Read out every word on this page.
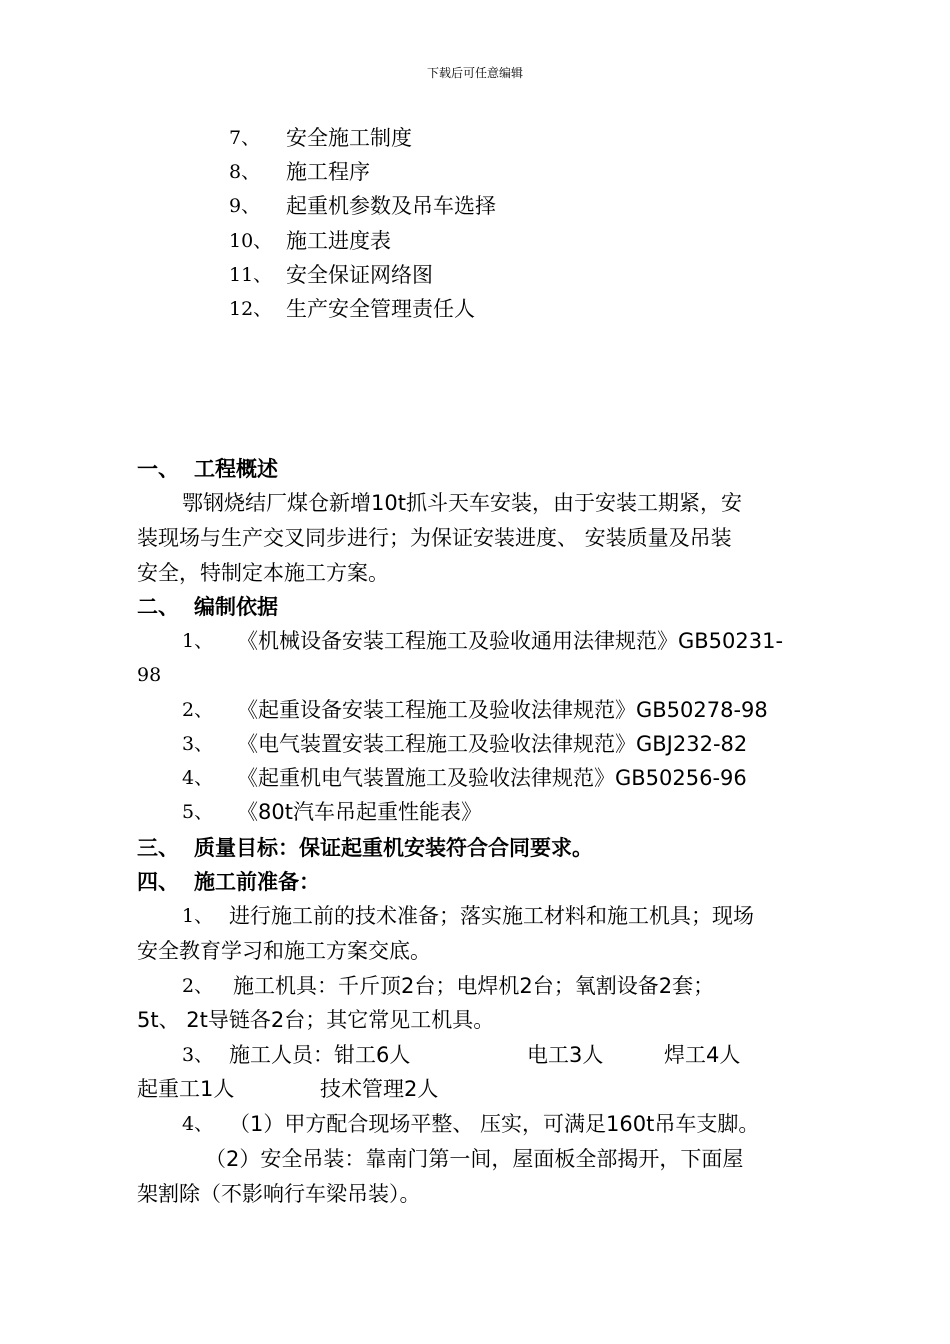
下载后可任意编辑
7、 安全施工制度
8、 施工程序
9、 起重机参数及吊车选择
10、 施工进度表
11、 安全保证网络图
12、 生产安全管理责任人
一、 工程概述
鄂钢烧结厂煤仓新增10t抓斗天车安装，由于安装工期紧，安
装现场与生产交叉同步进行；为保证安装进度、 安装质量及吊装
安全，特制定本施工方案。
二、 编制依据
1、 《机械设备安装工程施工及验收通用法律规范》GB50231-
98
2、 《起重设备安装工程施工及验收法律规范》GB50278-98
3、 《电气装置安装工程施工及验收法律规范》GBJ232-82
4、 《起重机电气装置施工及验收法律规范》GB50256-96
5、 《80t汽车吊起重性能表》
三、 质量目标：保证起重机安装符合合同要求。
四、 施工前准备：
1、 进行施工前的技术准备；落实施工材料和施工机具；现场
安全教育学习和施工方案交底。
2、 施工机具：千斤顶2台；电焊机2台；氧割设备2套；
5t、 2t导链各2台；其它常见工机具。
3、 施工人员：钳工6人	电工3人	焊工4人
起重工1人	技术管理2人
4、 （1）甲方配合现场平整、 压实，可满足160t吊车支脚。
（2）安全吊装：靠南门第一间，屋面板全部揭开，下面屋
架割除（不影响行车梁吊装）。
